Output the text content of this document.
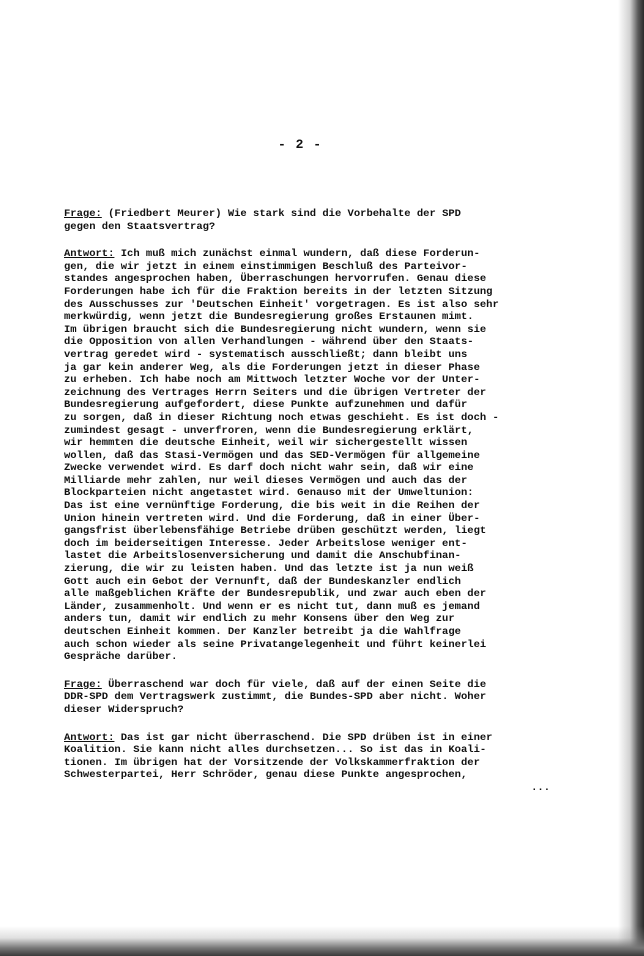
- 2 -
Frage: (Friedbert Meurer) Wie stark sind die Vorbehalte der SPD
gegen den Staatsvertrag?
Antwort: Ich muß mich zunächst einmal wundern, daß diese Forderun-
gen, die wir jetzt in einem einstimmigen Beschluß des Parteivor-
standes angesprochen haben, Überraschungen hervorrufen. Genau diese
Forderungen habe ich für die Fraktion bereits in der letzten Sitzung
des Ausschusses zur 'Deutschen Einheit' vorgetragen. Es ist also sehr
merkwürdig, wenn jetzt die Bundesregierung großes Erstaunen mimt.
Im übrigen braucht sich die Bundesregierung nicht wundern, wenn sie
die Opposition von allen Verhandlungen - während über den Staats-
vertrag geredet wird - systematisch ausschließt; dann bleibt uns
ja gar kein anderer Weg, als die Forderungen jetzt in dieser Phase
zu erheben. Ich habe noch am Mittwoch letzter Woche vor der Unter-
zeichnung des Vertrages Herrn Seiters und die übrigen Vertreter der
Bundesregierung aufgefordert, diese Punkte aufzunehmen und dafür
zu sorgen, daß in dieser Richtung noch etwas geschieht. Es ist doch -
zumindest gesagt - unverfroren, wenn die Bundesregierung erklärt,
wir hemmten die deutsche Einheit, weil wir sichergestellt wissen
wollen, daß das Stasi-Vermögen und das SED-Vermögen für allgemeine
Zwecke verwendet wird. Es darf doch nicht wahr sein, daß wir eine
Milliarde mehr zahlen, nur weil dieses Vermögen und auch das der
Blockparteien nicht angetastet wird. Genauso mit der Umweltunion:
Das ist eine vernünftige Forderung, die bis weit in die Reihen der
Union hinein vertreten wird. Und die Forderung, daß in einer Über-
gangsfrist überlebensfähige Betriebe drüben geschützt werden, liegt
doch im beiderseitigen Interesse. Jeder Arbeitslose weniger ent-
lastet die Arbeitslosenversicherung und damit die Anschubfinan-
zierung, die wir zu leisten haben. Und das letzte ist ja nun weiß
Gott auch ein Gebot der Vernunft, daß der Bundeskanzler endlich
alle maßgeblichen Kräfte der Bundesrepublik, und zwar auch eben der
Länder, zusammenholt. Und wenn er es nicht tut, dann muß es jemand
anders tun, damit wir endlich zu mehr Konsens über den Weg zur
deutschen Einheit kommen. Der Kanzler betreibt ja die Wahlfrage
auch schon wieder als seine Privatangelegenheit und führt keinerlei
Gespräche darüber.
Frage: Überraschend war doch für viele, daß auf der einen Seite die
DDR-SPD dem Vertragswerk zustimmt, die Bundes-SPD aber nicht. Woher
dieser Widerspruch?
Antwort: Das ist gar nicht überraschend. Die SPD drüben ist in einer
Koalition. Sie kann nicht alles durchsetzen... So ist das in Koali-
tionen. Im übrigen hat der Vorsitzende der Volkskammerfraktion der
Schwesterpartei, Herr Schröder, genau diese Punkte angesprochen,
...
